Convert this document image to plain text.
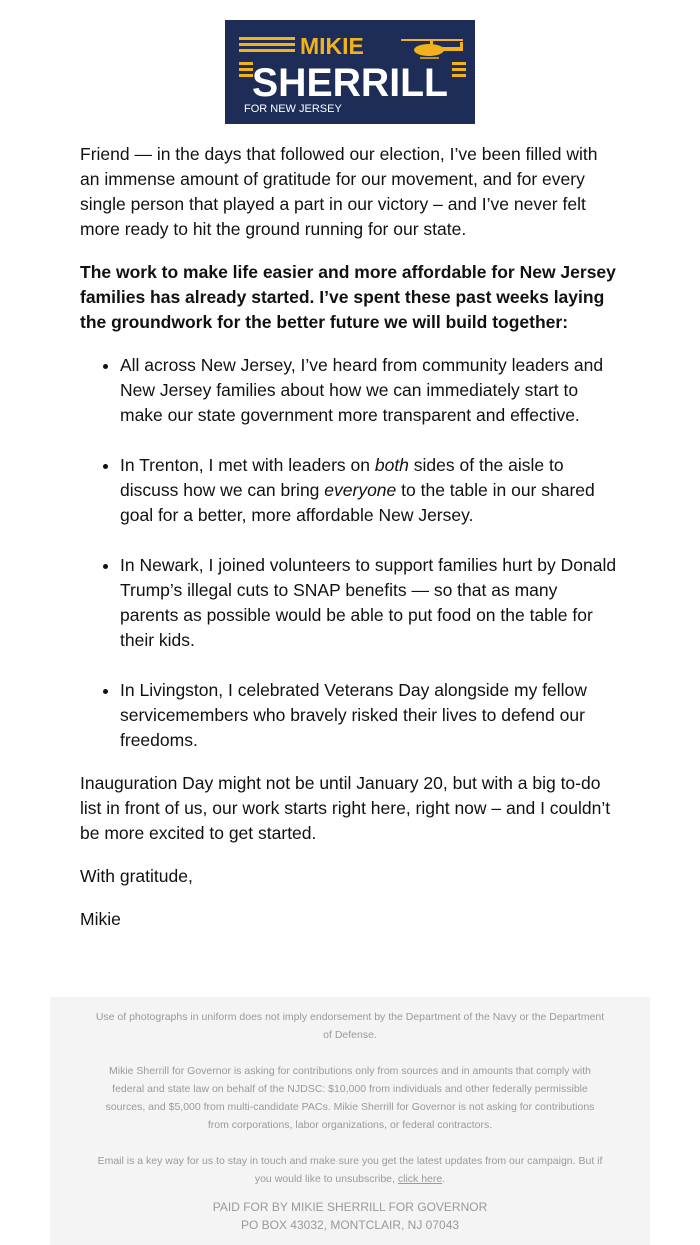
MIKIE
SHERRILL
FOR NEW JERSEY

Friend — in the days that followed our election, I’ve been filled with an immense amount of gratitude for our movement, and for every single person that played a part in our victory – and I’ve never felt more ready to hit the ground running for our state.

The work to make life easier and more affordable for New Jersey families has already started. I’ve spent these past weeks laying the groundwork for the better future we will build together:

• All across New Jersey, I’ve heard from community leaders and New Jersey families about how we can immediately start to make our state government more transparent and effective.
• In Trenton, I met with leaders on both sides of the aisle to discuss how we can bring everyone to the table in our shared goal for a better, more affordable New Jersey.
• In Newark, I joined volunteers to support families hurt by Donald Trump’s illegal cuts to SNAP benefits — so that as many parents as possible would be able to put food on the table for their kids.
• In Livingston, I celebrated Veterans Day alongside my fellow servicemembers who bravely risked their lives to defend our freedoms.

Inauguration Day might not be until January 20, but with a big to-do list in front of us, our work starts right here, right now – and I couldn’t be more excited to get started.

With gratitude,

Mikie

Use of photographs in uniform does not imply endorsement by the Department of the Navy or the Department of Defense.

Mikie Sherrill for Governor is asking for contributions only from sources and in amounts that comply with federal and state law on behalf of the NJDSC: $10,000 from individuals and other federally permissible sources, and $5,000 from multi-candidate PACs. Mikie Sherrill for Governor is not asking for contributions from corporations, labor organizations, or federal contractors.

Email is a key way for us to stay in touch and make sure you get the latest updates from our campaign. But if you would like to unsubscribe, click here.

PAID FOR BY MIKIE SHERRILL FOR GOVERNOR
PO BOX 43032, MONTCLAIR, NJ 07043
